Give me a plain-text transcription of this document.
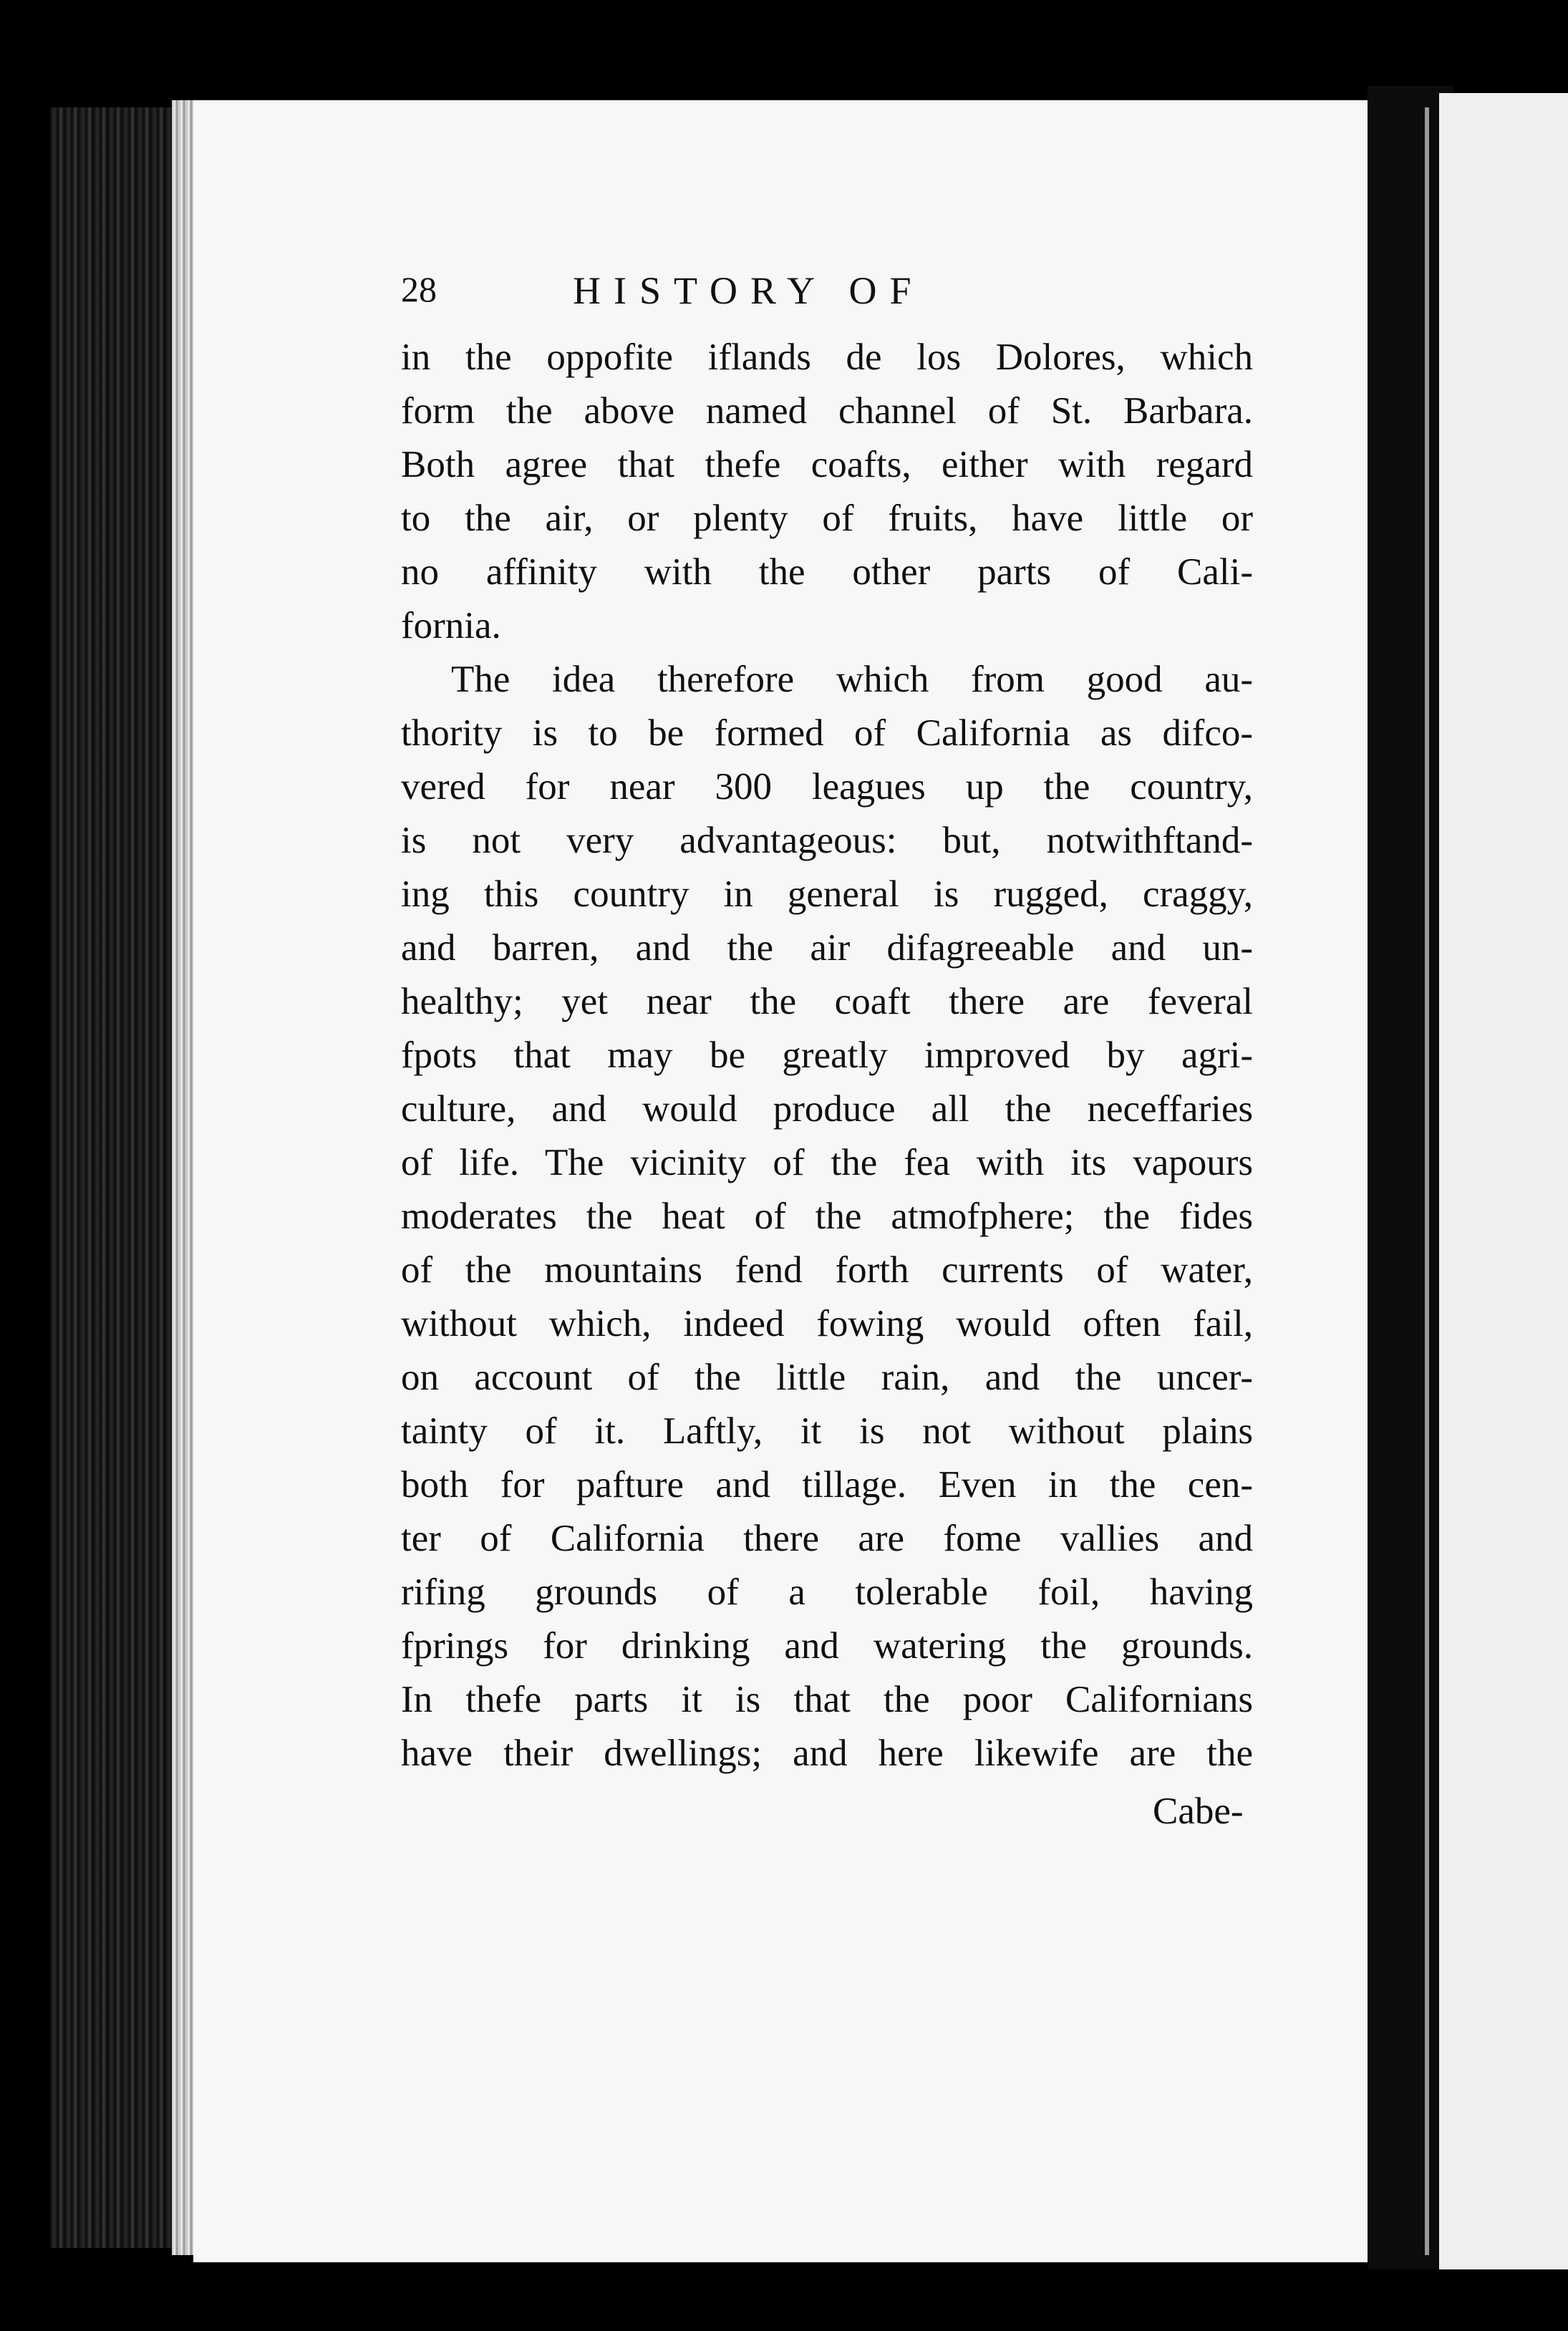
28	HISTORY OF
in the oppofite iflands de los Dolores, which
form the above named channel of St. Barbara.
Both agree that thefe coafts, either with regard
to the air, or plenty of fruits, have little or
no affinity with the other parts of Cali-
fornia.
The idea therefore which from good au-
thority is to be formed of California as difco-
vered for near 300 leagues up the country,
is not very advantageous: but, notwithftand-
ing this country in general is rugged, craggy,
and barren, and the air difagreeable and un-
healthy; yet near the coaft there are feveral
fpots that may be greatly improved by agri-
culture, and would produce all the neceffaries
of life. The vicinity of the fea with its vapours
moderates the heat of the atmofphere; the fides
of the mountains fend forth currents of water,
without which, indeed fowing would often fail,
on account of the little rain, and the uncer-
tainty of it. Laftly, it is not without plains
both for pafture and tillage. Even in the cen-
ter of California there are fome vallies and
rifing grounds of a tolerable foil, having
fprings for drinking and watering the grounds.
In thefe parts it is that the poor Californians
have their dwellings; and here likewife are the
Cabe-
